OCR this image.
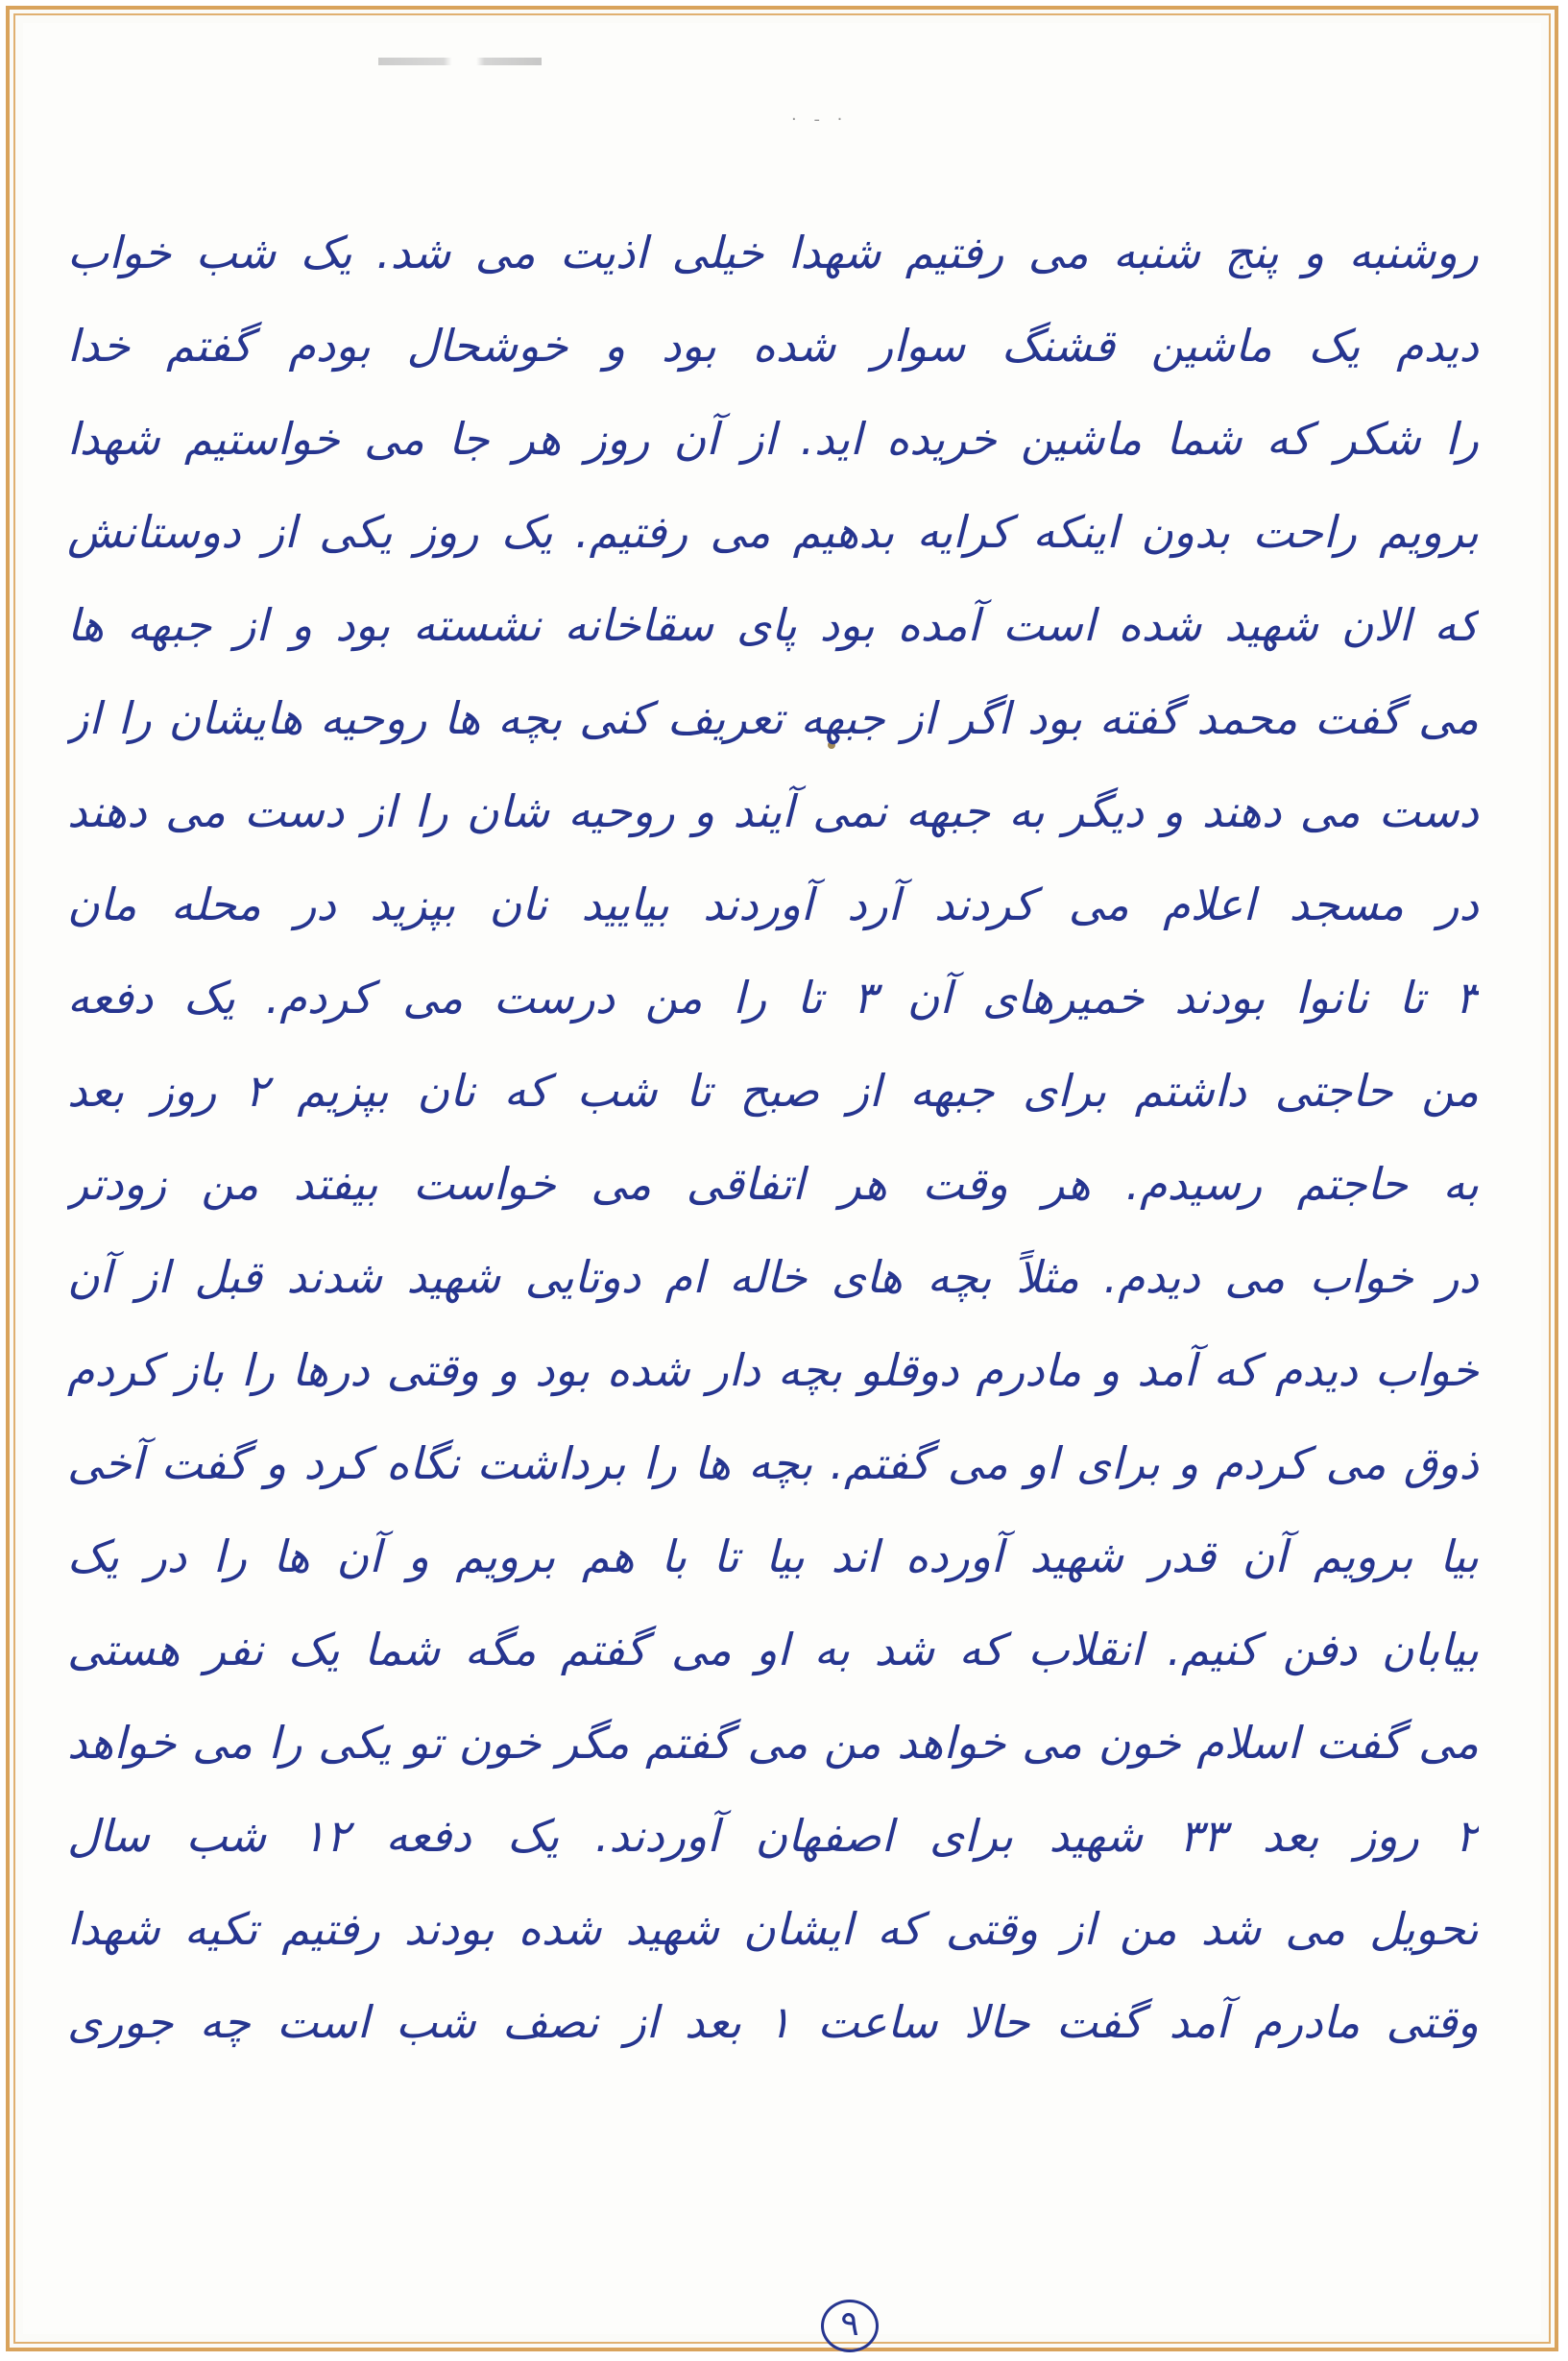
· ‐ ·
روشنبه و پنج شنبه می رفتیم شهدا خیلی اذیت می شد. یک شب خواب
دیدم یک ماشین قشنگ سوار شده بود و خوشحال بودم گفتم خدا
را شکر که شما ماشین خریده اید. از آن روز هر جا می خواستیم شهدا
برویم راحت بدون اینکه کرایه بدهیم می رفتیم. یک روز یکی از دوستانش
که الان شهید شده است آمده بود پای سقاخانه نشسته بود و از جبهه ها
می گفت محمد گفته بود اگر از جبهه تعریف کنی بچه ها روحیه هایشان را از
دست می دهند و دیگر به جبهه نمی آیند و روحیه شان را از دست می دهند
در مسجد اعلام می کردند آرد آوردند بیایید نان بپزید در محله مان
۳ تا نانوا بودند خمیرهای آن ۳ تا را من درست می کردم. یک دفعه
من حاجتی داشتم برای جبهه از صبح تا شب که نان بپزیم ۲ روز بعد
به حاجتم رسیدم. هر وقت هر اتفاقی می خواست بیفتد من زودتر
در خواب می دیدم. مثلاً بچه های خاله ام دوتایی شهید شدند قبل از آن
خواب دیدم که آمد و مادرم دوقلو بچه دار شده بود و وقتی درها را باز کردم
ذوق می کردم و برای او می گفتم. بچه ها را برداشت نگاه کرد و گفت آخی
بیا برویم آن قدر شهید آورده اند بیا تا با هم برویم و آن ها را در یک
بیابان دفن کنیم. انقلاب که شد به او می گفتم مگه شما یک نفر هستی
می گفت اسلام خون می خواهد من می گفتم مگر خون تو یکی را می خواهد
۲ روز بعد ۳۳ شهید برای اصفهان آوردند. یک دفعه ۱۲ شب سال
تحویل می شد من از وقتی که ایشان شهید شده بودند رفتیم تکیه شهدا
وقتی مادرم آمد گفت حالا ساعت ۱ بعد از نصف شب است چه جوری
۹
